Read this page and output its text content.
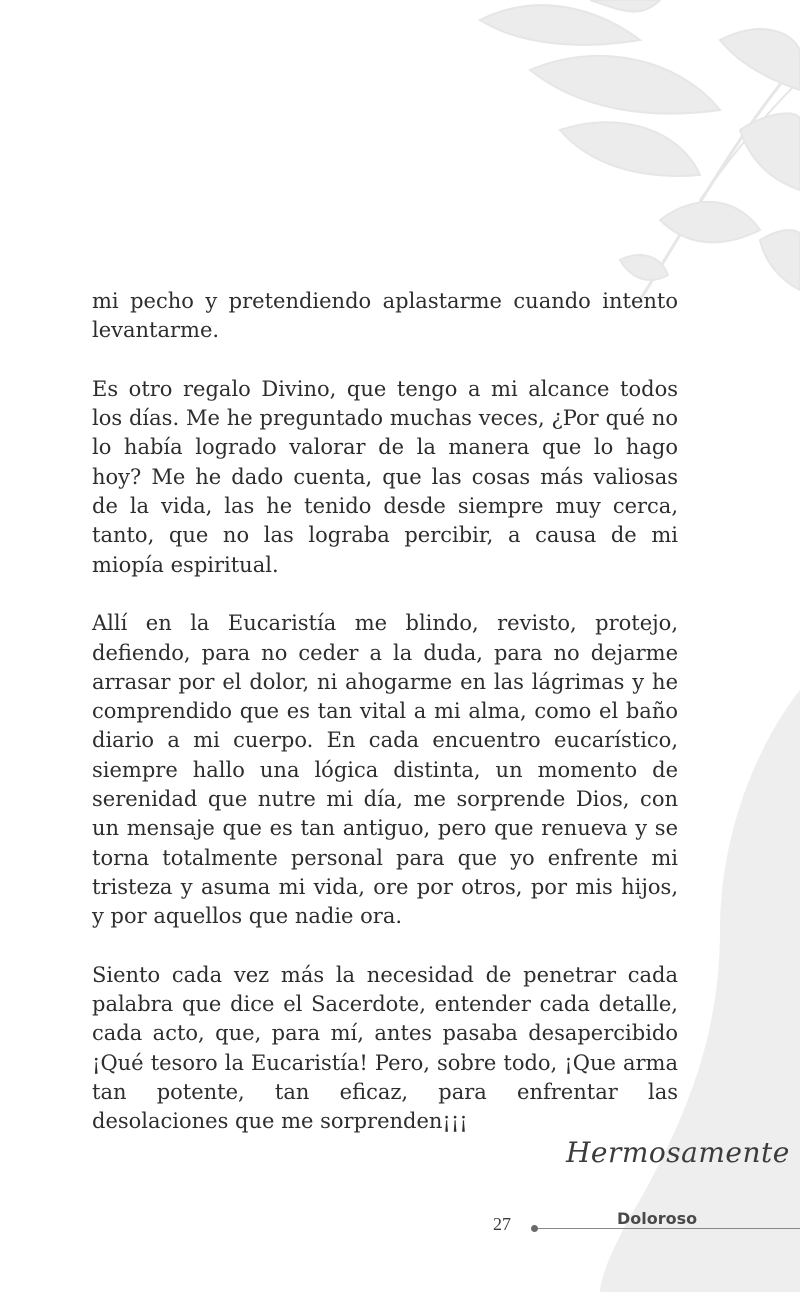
mi pecho y pretendiendo aplastarme cuando intento levantarme.

Es otro regalo Divino, que tengo a mi alcance todos los días. Me he preguntado muchas veces, ¿Por qué no lo había logrado valorar de la manera que lo hago hoy? Me he dado cuenta, que las cosas más valiosas de la vida, las he tenido desde siempre muy cerca, tanto, que no las lograba percibir, a causa de mi miopía espiritual.

Allí en la Eucaristía me blindo, revisto, protejo, defiendo, para no ceder a la duda, para no dejarme arrasar por el dolor, ni ahogarme en las lágrimas y he comprendido que es tan vital a mi alma, como el baño diario a mi cuerpo. En cada encuentro eucarístico, siempre hallo una lógica distinta, un momento de serenidad que nutre mi día, me sorprende Dios, con un mensaje que es tan antiguo, pero que renueva y se torna totalmente personal para que yo enfrente mi tristeza y asuma mi vida, ore por otros, por mis hijos, y por aquellos que nadie ora.

Siento cada vez más la necesidad de penetrar cada palabra que dice el Sacerdote, entender cada detalle, cada acto, que, para mí, antes pasaba desapercibido ¡Qué tesoro la Eucaristía! Pero, sobre todo, ¡Que arma tan potente, tan eficaz, para enfrentar las desolaciones que me sorprenden¡¡¡

Hermosamente
Doloroso
27
